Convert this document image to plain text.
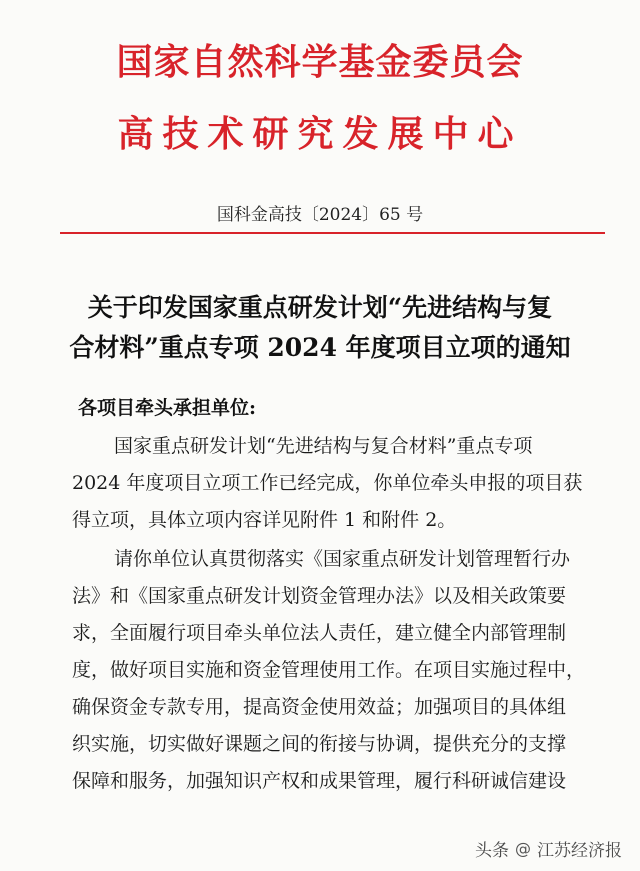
国家自然科学基金委员会
高技术研究发展中心
国科金高技〔2024〕65 号
关于印发国家重点研发计划“先进结构与复
合材料”重点专项 2024 年度项目立项的通知
各项目牵头承担单位:
国家重点研发计划“先进结构与复合材料”重点专项
2024 年度项目立项工作已经完成，你单位牵头申报的项目获
得立项，具体立项内容详见附件 1 和附件 2。
请你单位认真贯彻落实《国家重点研发计划管理暂行办
法》和《国家重点研发计划资金管理办法》以及相关政策要
求，全面履行项目牵头单位法人责任，建立健全内部管理制
度，做好项目实施和资金管理使用工作。在项目实施过程中，
确保资金专款专用，提高资金使用效益；加强项目的具体组
织实施，切实做好课题之间的衔接与协调，提供充分的支撑
保障和服务，加强知识产权和成果管理，履行科研诚信建设
头条 @ 江苏经济报
